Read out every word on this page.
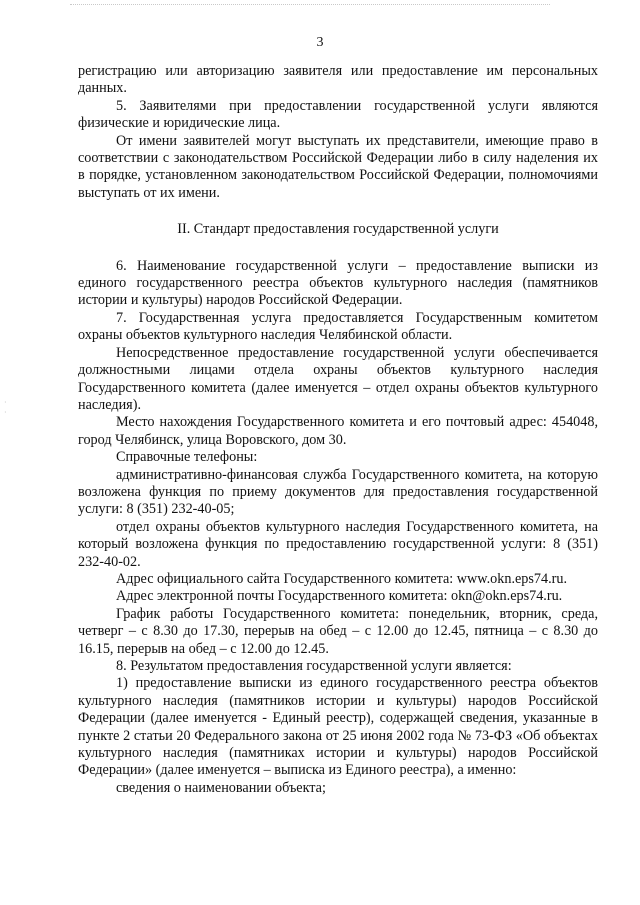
·
·
3

регистрацию или авторизацию заявителя или предоставление им персональных данных.

5. Заявителями при предоставлении государственной услуги являются физические и юридические лица.

От имени заявителей могут выступать их представители, имеющие право в соответствии с законодательством Российской Федерации либо в силу наделения их в порядке, установленном законодательством Российской Федерации, полномочиями выступать от их имени.

II. Стандарт предоставления государственной услуги

6. Наименование государственной услуги – предоставление выписки из единого государственного реестра объектов культурного наследия (памятников истории и культуры) народов Российской Федерации.

7. Государственная услуга предоставляется Государственным комитетом охраны объектов культурного наследия Челябинской области.

Непосредственное предоставление государственной услуги обеспечивается должностными лицами отдела охраны объектов культурного наследия Государственного комитета (далее именуется – отдел охраны объектов культурного наследия).

Место нахождения Государственного комитета и его почтовый адрес: 454048, город Челябинск, улица Воровского, дом 30.

Справочные телефоны:

административно-финансовая служба Государственного комитета, на которую возложена функция по приему документов для предоставления государственной услуги: 8 (351) 232-40-05;

отдел охраны объектов культурного наследия Государственного комитета, на который возложена функция по предоставлению государственной услуги: 8 (351) 232-40-02.

Адрес официального сайта Государственного комитета: www.okn.eps74.ru.

Адрес электронной почты Государственного комитета: okn@okn.eps74.ru.

График работы Государственного комитета: понедельник, вторник, среда, четверг – с 8.30 до 17.30, перерыв на обед – с 12.00 до 12.45, пятница – с 8.30 до 16.15, перерыв на обед – с 12.00 до 12.45.

8. Результатом предоставления государственной услуги является:

1) предоставление выписки из единого государственного реестра объектов культурного наследия (памятников истории и культуры) народов Российской Федерации (далее именуется - Единый реестр), содержащей сведения, указанные в пункте 2 статьи 20 Федерального закона от 25 июня 2002 года № 73-ФЗ «Об объектах культурного наследия (памятниках истории и культуры) народов Российской Федерации» (далее именуется – выписка из Единого реестра), а именно:

сведения о наименовании объекта;
